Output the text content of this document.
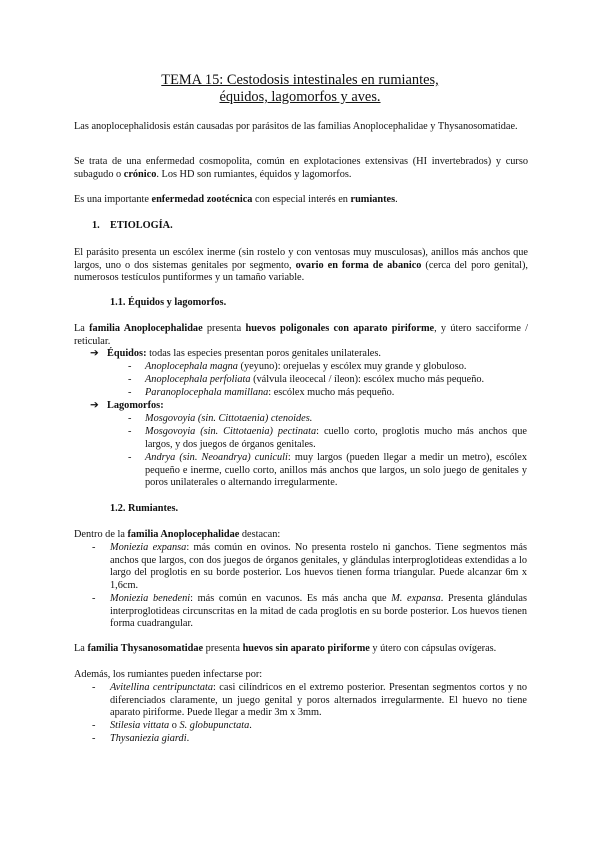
TEMA 15: Cestodosis intestinales en rumiantes,
équidos, lagomorfos y aves.

Las anoplocephalidosis están causadas por parásitos de las familias Anoplocephalidae y Thysanosomatidae.

Se trata de una enfermedad cosmopolita, común en explotaciones extensivas (HI invertebrados) y curso subagudo o crónico. Los HD son rumiantes, équidos y lagomorfos.

Es una importante enfermedad zootécnica con especial interés en rumiantes.

1. ETIOLOGÍA.

El parásito presenta un escólex inerme (sin rostelo y con ventosas muy musculosas), anillos más anchos que largos, uno o dos sistemas genitales por segmento, ovario en forma de abanico (cerca del poro genital), numerosos testículos puntiformes y un tamaño variable.

1.1. Équidos y lagomorfos.

La familia Anoplocephalidae presenta huevos poligonales con aparato piriforme, y útero sacciforme / reticular.

➔ Équidos: todas las especies presentan poros genitales unilaterales.
- Anoplocephala magna (yeyuno): orejuelas y escólex muy grande y globuloso.
- Anoplocephala perfoliata (válvula ileocecal / íleon): escólex mucho más pequeño.
- Paranoplocephala mamillana: escólex mucho más pequeño.
➔ Lagomorfos:
- Mosgovoyia (sin. Cittotaenia) ctenoides.
- Mosgovoyia (sin. Cittotaenia) pectinata: cuello corto, proglotis mucho más anchos que largos, y dos juegos de órganos genitales.
- Andrya (sin. Neoandrya) cuniculi: muy largos (pueden llegar a medir un metro), escólex pequeño e inerme, cuello corto, anillos más anchos que largos, un solo juego de genitales y poros unilaterales o alternando irregularmente.
1.2. Rumiantes.

Dentro de la familia Anoplocephalidae destacan:

- Moniezia expansa: más común en ovinos. No presenta rostelo ni ganchos. Tiene segmentos más anchos que largos, con dos juegos de órganos genitales, y glándulas interproglotideas extendidas a lo largo del proglotis en su borde posterior. Los huevos tienen forma triangular. Puede alcanzar 6m x 1,6cm.
- Moniezia benedeni: más común en vacunos. Es más ancha que M. expansa. Presenta glándulas interproglotideas circunscritas en la mitad de cada proglotis en su borde posterior. Los huevos tienen forma cuadrangular.

La familia Thysanosomatidae presenta huevos sin aparato piriforme y útero con cápsulas ovígeras.

Además, los rumiantes pueden infectarse por:

- Avitellina centripunctata: casi cilíndricos en el extremo posterior. Presentan segmentos cortos y no diferenciados claramente, un juego genital y poros alternados irregularmente. El huevo no tiene aparato piriforme. Puede llegar a medir 3m x 3mm.
- Stilesia vittata o S. globupunctata.
- Thysaniezia giardi.
